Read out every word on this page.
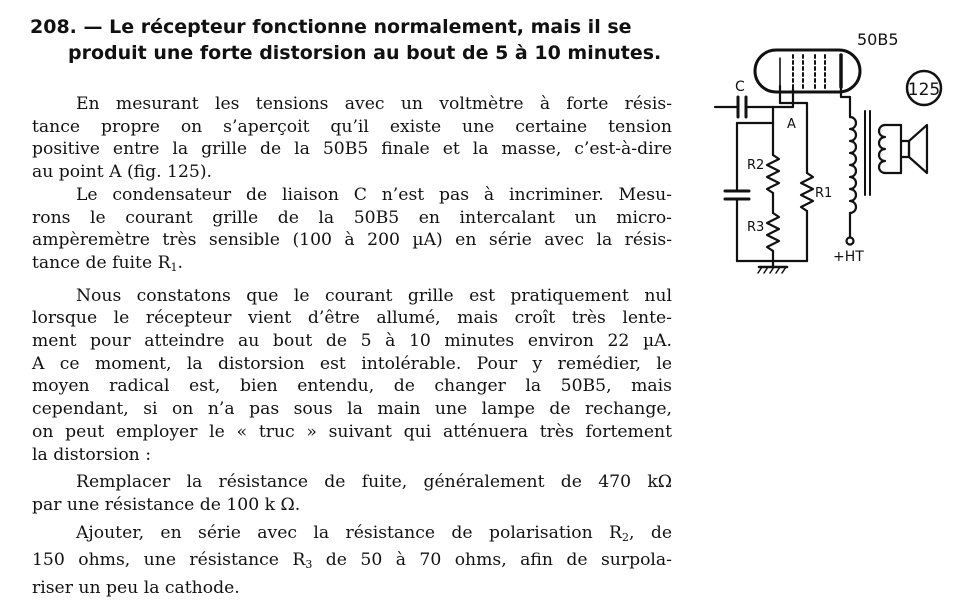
208. — Le récepteur fonctionne normalement, mais il se
produit une forte distorsion au bout de 5 à 10 minutes.

En mesurant les tensions avec un voltmètre à forte résis-
tance propre on s’aperçoit qu’il existe une certaine tension
positive entre la grille de la 50B5 finale et la masse, c’est-à-dire
au point A (fig. 125).

Le condensateur de liaison C n’est pas à incriminer. Mesu-
rons le courant grille de la 50B5 en intercalant un micro-
ampèremètre très sensible (100 à 200 µA) en série avec la résis-
tance de fuite $R_1$.

Nous constatons que le courant grille est pratiquement nul
lorsque le récepteur vient d’être allumé, mais croît très lente-
ment pour atteindre au bout de 5 à 10 minutes environ 22 µA.
A ce moment, la distorsion est intolérable. Pour y remédier, le
moyen radical est, bien entendu, de changer la 50B5, mais
cependant, si on n’a pas sous la main une lampe de rechange,
on peut employer le « truc » suivant qui atténuera très fortement
la distorsion :

Remplacer la résistance de fuite, généralement de 470 kΩ
par une résistance de 100 k Ω.

Ajouter, en série avec la résistance de polarisation $R_2$, de
150 ohms, une résistance $R_3$ de 50 à 70 ohms, afin de surpola-
riser un peu la cathode.

50B5
125
C
A
R2
R1
R3
+HT
